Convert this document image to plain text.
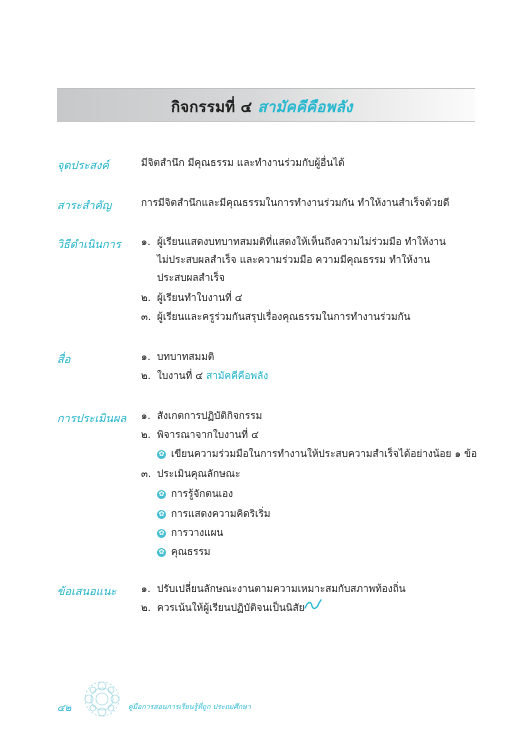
กิจกรรมที่ ๔ สามัคคีคือพลัง
จุดประสงค์	มีจิตสำนึก มีคุณธรรม และทำงานร่วมกับผู้อื่นได้
สาระสำคัญ	การมีจิตสำนึกและมีคุณธรรมในการทำงานร่วมกัน ทำให้งานสำเร็จด้วยดี
วิธีดำเนินการ ๑. ผู้เรียนแสดงบทบาทสมมติที่แสดงให้เห็นถึงความไม่ร่วมมือ ทำให้งาน
ไม่ประสบผลสำเร็จ และความร่วมมือ ความมีคุณธรรม ทำให้งาน
ประสบผลสำเร็จ
๒. ผู้เรียนทำใบงานที่ ๔
๓. ผู้เรียนและครูร่วมกันสรุปเรื่องคุณธรรมในการทำงานร่วมกัน
สื่อ	๑. บทบาทสมมติ
๒. ใบงานที่ ๔ สามัคคีคือพลัง
การประเมินผล ๑. สังเกตการปฏิบัติกิจกรรม
๒. พิจารณาจากใบงานที่ ๔
✿ เขียนความร่วมมือในการทำงานให้ประสบความสำเร็จได้อย่างน้อย ๑ ข้อ
๓. ประเมินคุณลักษณะ
✿ การรู้จักตนเอง
✿ การแสดงความคิดริเริ่ม
✿ การวางแผน
✿ คุณธรรม
ข้อเสนอแนะ ๑. ปรับเปลี่ยนลักษณะงานตามความเหมาะสมกับสภาพท้องถิ่น
๒. ควรเน้นให้ผู้เรียนปฏิบัติจนเป็นนิสัย
๔๒	คู่มือการสอนการเรียนรู้ที่ถูก ประถมศึกษา
